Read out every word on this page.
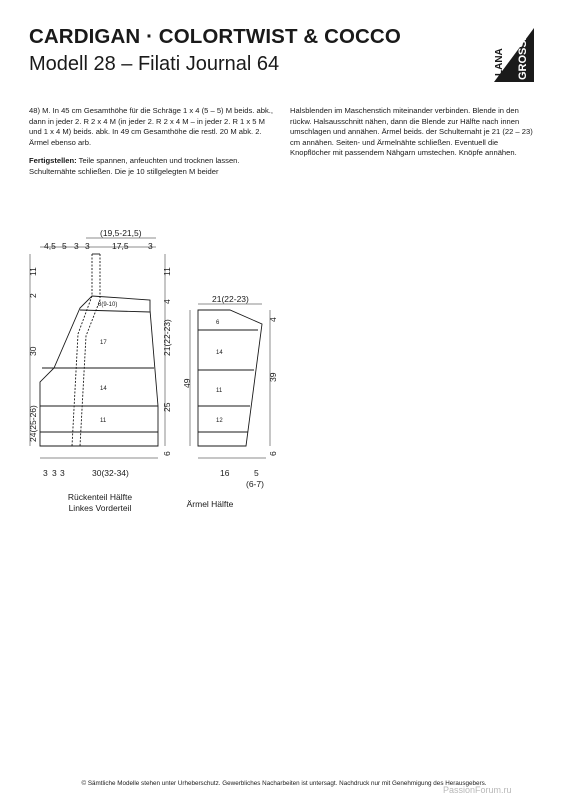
CARDIGAN · COLORTWIST & COCCO
Modell 28 – Filati Journal 64	LANA GROSSA

48) M. In 45 cm Gesamthöhe für die Schräge 1 x 4 (5 – 5) M beids. abk., dann in jeder 2. R 2 x 4 M (in jeder 2. R 2 x 4 M – in jeder 2. R 1 x 5 M und 1 x 4 M) beids. abk. In 49 cm Gesamthöhe die restl. 20 M abk. 2. Ärmel ebenso arb.

Fertigstellen: Teile spannen, anfeuchten und trocknen lassen. Schulternähte schließen. Die je 10 stillgelegten M beider

Halsblenden im Maschenstich miteinander verbinden. Blende in den rückw. Halsausschnitt nähen, dann die Blende zur Hälfte nach innen umschlagen und annähen. Ärmel beids. der Schulternaht je 21 (22 – 23) cm annähen. Seiten- und Ärmelnähte schließen. Eventuell die Knopflöcher mit passendem Nähgarn umstechen. Knöpfe annähen.

(19,5-21,5)
4,5 5 3 3	17,5 3
11
2
30
24(25-26)
11
4
21(22-23)
25
6
3 3 3	30(32-34)
8(9-10)
17
14
11
21(22-23)
49
4
39
6
16	5
(6-7)
6
14
11
12
Rückenteil Hälfte
Linkes Vorderteil	Ärmel Hälfte
© Sämtliche Modelle stehen unter Urheberschutz. Gewerbliches Nacharbeiten ist untersagt. Nachdruck nur mit Genehmigung des Herausgebers.
PassionForum.ru
